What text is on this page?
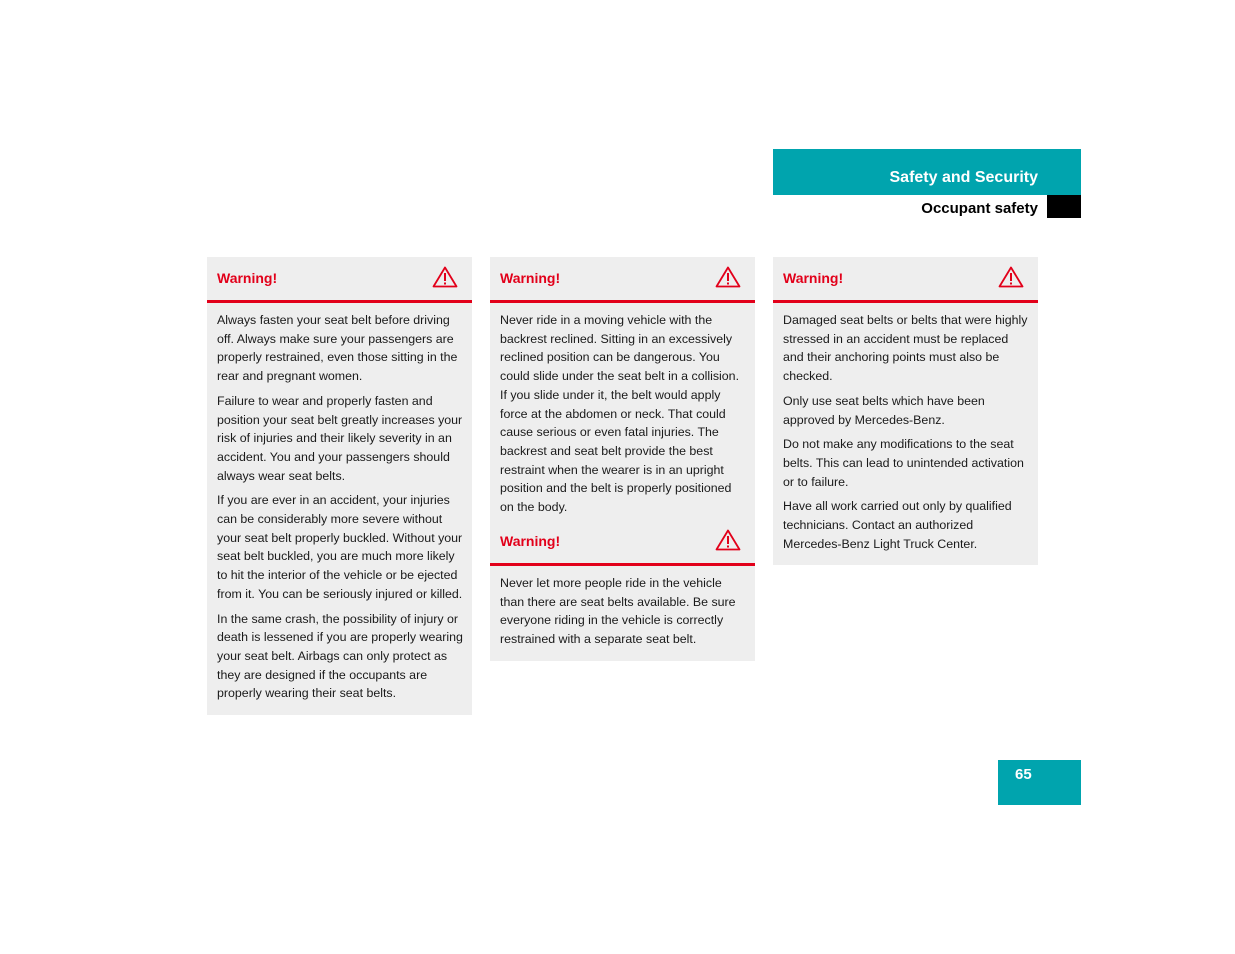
Safety and Security
Occupant safety
Warning!

Always fasten your seat belt before driving off. Always make sure your passengers are properly restrained, even those sitting in the rear and pregnant women.

Failure to wear and properly fasten and position your seat belt greatly increases your risk of injuries and their likely severity in an accident. You and your passengers should always wear seat belts.

If you are ever in an accident, your injuries can be considerably more severe without your seat belt properly buckled. Without your seat belt buckled, you are much more likely to hit the interior of the vehicle or be ejected from it. You can be seriously injured or killed.

In the same crash, the possibility of injury or death is lessened if you are properly wearing your seat belt. Airbags can only protect as they are designed if the occupants are properly wearing their seat belts.

Warning!

Never ride in a moving vehicle with the backrest reclined. Sitting in an excessively reclined position can be dangerous. You could slide under the seat belt in a collision. If you slide under it, the belt would apply force at the abdomen or neck. That could cause serious or even fatal injuries. The backrest and seat belt provide the best restraint when the wearer is in an upright position and the belt is properly positioned on the body.

Warning!

Never let more people ride in the vehicle than there are seat belts available. Be sure everyone riding in the vehicle is correctly restrained with a separate seat belt.

Warning!

Damaged seat belts or belts that were highly stressed in an accident must be replaced and their anchoring points must also be checked.

Only use seat belts which have been approved by Mercedes-Benz.

Do not make any modifications to the seat belts. This can lead to unintended activation or to failure.

Have all work carried out only by qualified technicians. Contact an authorized Mercedes-Benz Light Truck Center.

65
